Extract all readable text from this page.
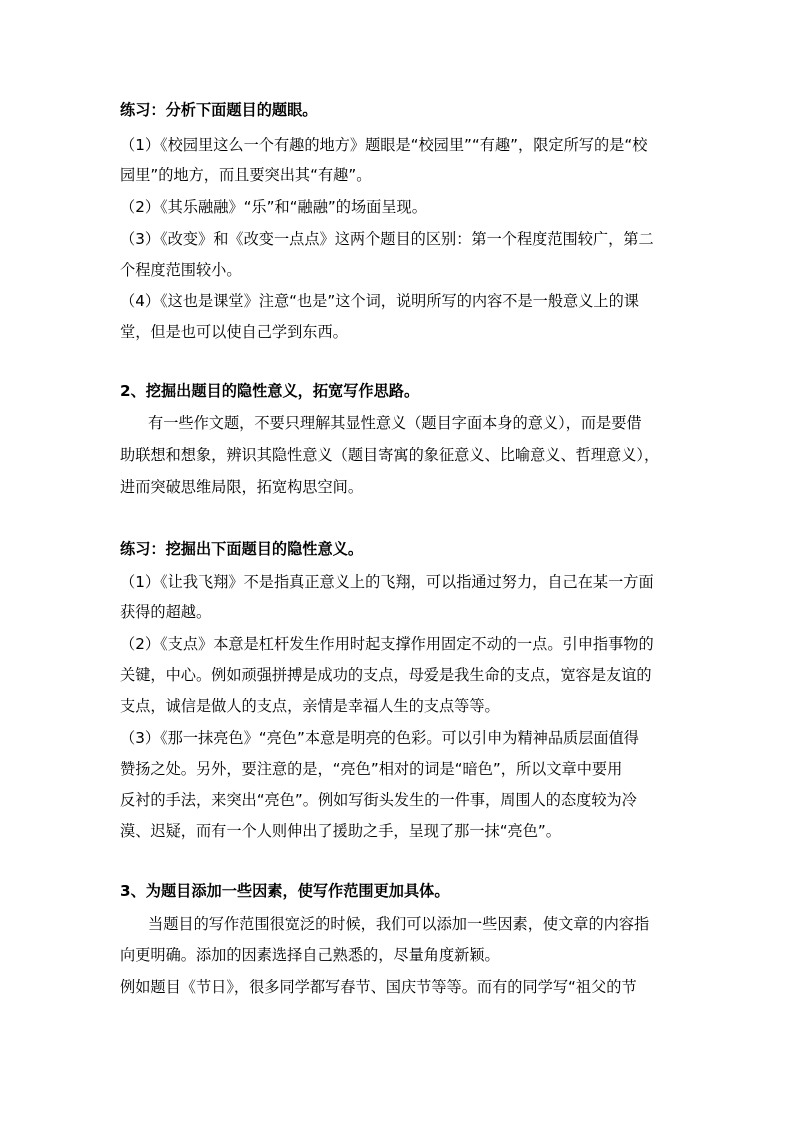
练习：分析下面题目的题眼。
（1）《校园里这么一个有趣的地方》题眼是“校园里”“有趣”，限定所写的是“校
园里”的地方，而且要突出其“有趣”。
（2）《其乐融融》“乐”和“融融”的场面呈现。
（3）《改变》和《改变一点点》这两个题目的区别：第一个程度范围较广，第二
个程度范围较小。
（4）《这也是课堂》注意“也是”这个词，说明所写的内容不是一般意义上的课
堂，但是也可以使自己学到东西。
2、挖掘出题目的隐性意义，拓宽写作思路。
有一些作文题，不要只理解其显性意义（题目字面本身的意义），而是要借
助联想和想象，辨识其隐性意义（题目寄寓的象征意义、比喻意义、哲理意义），
进而突破思维局限，拓宽构思空间。
练习：挖掘出下面题目的隐性意义。
（1）《让我飞翔》不是指真正意义上的飞翔，可以指通过努力，自己在某一方面
获得的超越。
（2）《支点》本意是杠杆发生作用时起支撑作用固定不动的一点。引申指事物的
关键，中心。例如顽强拼搏是成功的支点，母爱是我生命的支点，宽容是友谊的
支点，诚信是做人的支点，亲情是幸福人生的支点等等。
（3）《那一抹亮色》“亮色”本意是明亮的色彩。可以引申为精神品质层面值得
赞扬之处。另外，要注意的是，“亮色”相对的词是“暗色”，所以文章中要用
反衬的手法，来突出“亮色”。例如写街头发生的一件事，周围人的态度较为冷
漠、迟疑，而有一个人则伸出了援助之手，呈现了那一抹“亮色”。
3、为题目添加一些因素，使写作范围更加具体。
当题目的写作范围很宽泛的时候，我们可以添加一些因素，使文章的内容指
向更明确。添加的因素选择自己熟悉的，尽量角度新颖。
例如题目《节日》，很多同学都写春节、国庆节等等。而有的同学写“祖父的节
